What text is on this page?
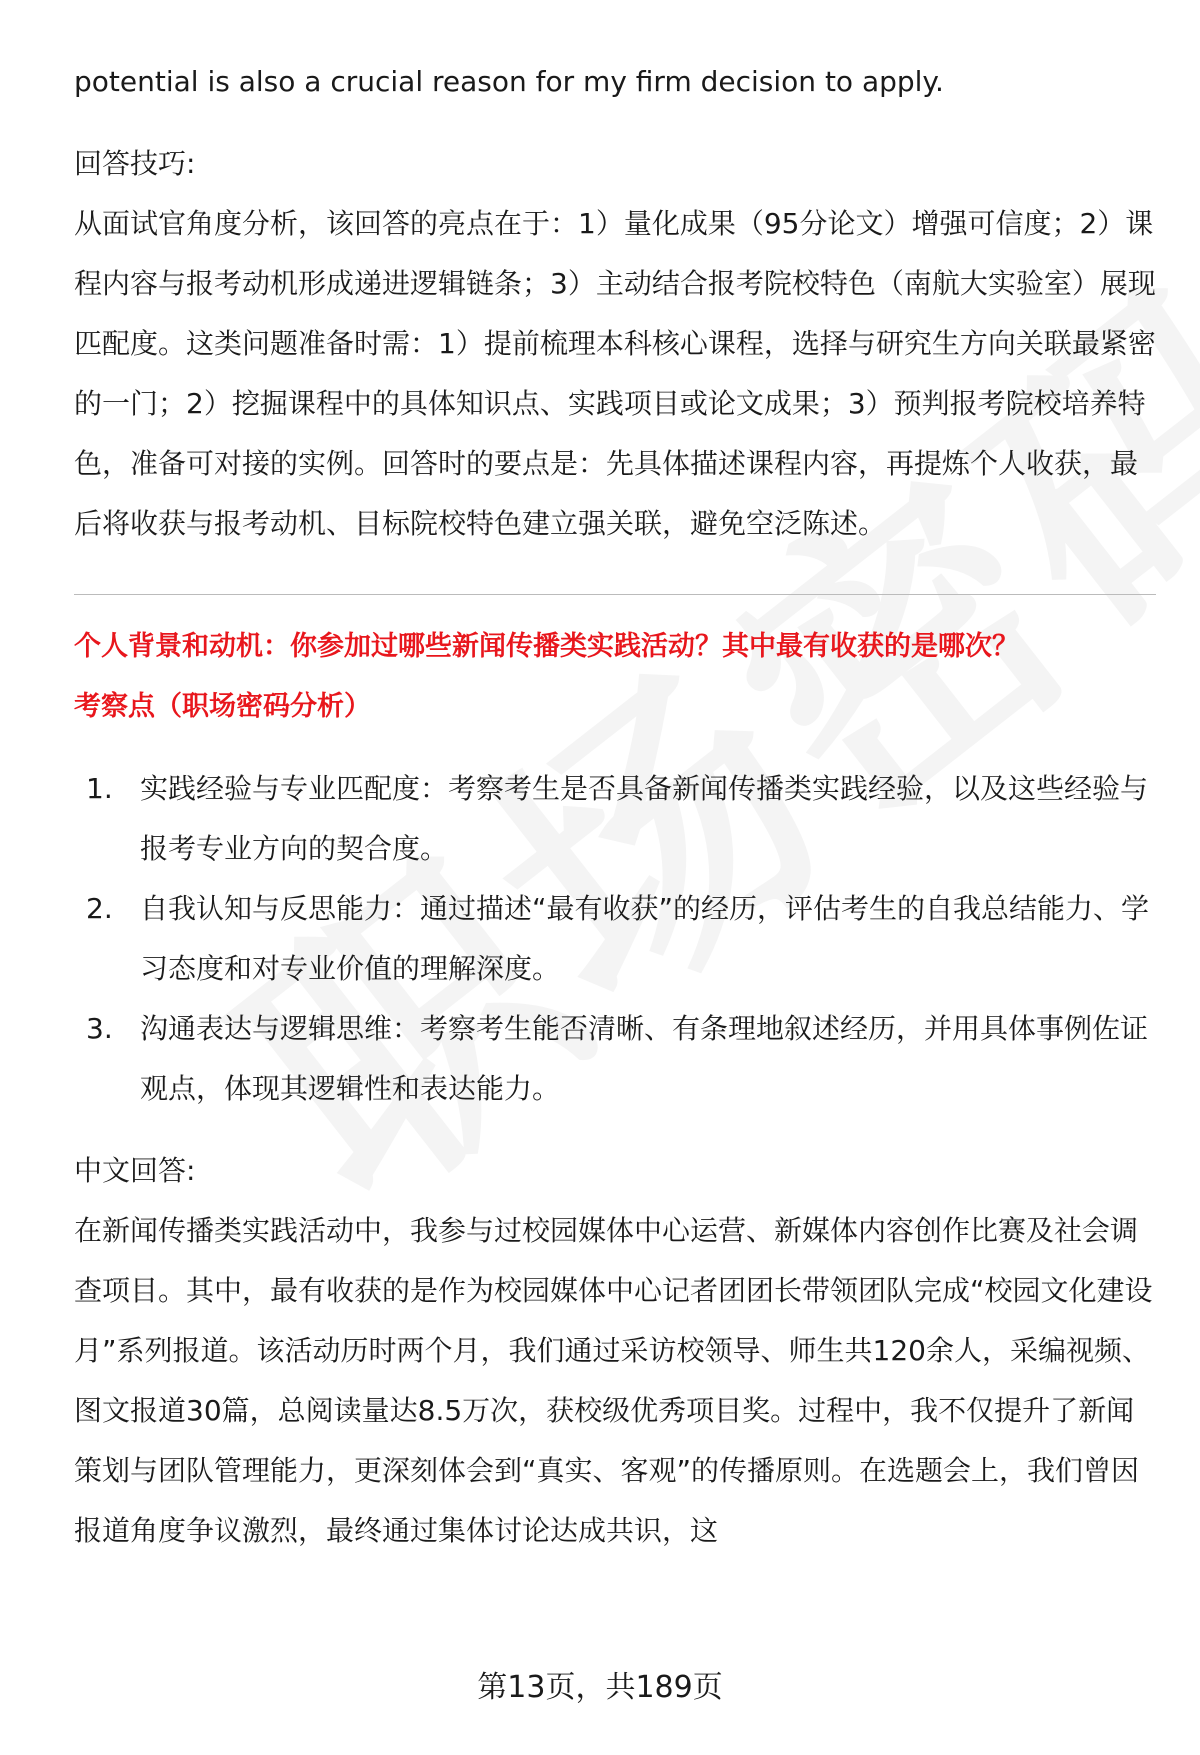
potential is also a crucial reason for my firm decision to apply.

回答技巧:

从面试官角度分析，该回答的亮点在于：1）量化成果（95分论文）增强可信度；2）课程内容与报考动机形成递进逻辑链条；3）主动结合报考院校特色（南航大实验室）展现匹配度。这类问题准备时需：1）提前梳理本科核心课程，选择与研究生方向关联最紧密的一门；2）挖掘课程中的具体知识点、实践项目或论文成果；3）预判报考院校培养特色，准备可对接的实例。回答时的要点是：先具体描述课程内容，再提炼个人收获，最后将收获与报考动机、目标院校特色建立强关联，避免空泛陈述。

个人背景和动机：你参加过哪些新闻传播类实践活动？其中最有收获的是哪次？

考察点（职场密码分析）

1. 实践经验与专业匹配度：考察考生是否具备新闻传播类实践经验，以及这些经验与报考专业方向的契合度。
2. 自我认知与反思能力：通过描述“最有收获”的经历，评估考生的自我总结能力、学习态度和对专业价值的理解深度。
3. 沟通表达与逻辑思维：考察考生能否清晰、有条理地叙述经历，并用具体事例佐证观点，体现其逻辑性和表达能力。

中文回答:

在新闻传播类实践活动中，我参与过校园媒体中心运营、新媒体内容创作比赛及社会调查项目。其中，最有收获的是作为校园媒体中心记者团团长带领团队完成“校园文化建设月”系列报道。该活动历时两个月，我们通过采访校领导、师生共120余人，采编视频、图文报道30篇，总阅读量达8.5万次，获校级优秀项目奖。过程中，我不仅提升了新闻策划与团队管理能力，更深刻体会到“真实、客观”的传播原则。在选题会上，我们曾因报道角度争议激烈，最终通过集体讨论达成共识，这

第13页，共189页
